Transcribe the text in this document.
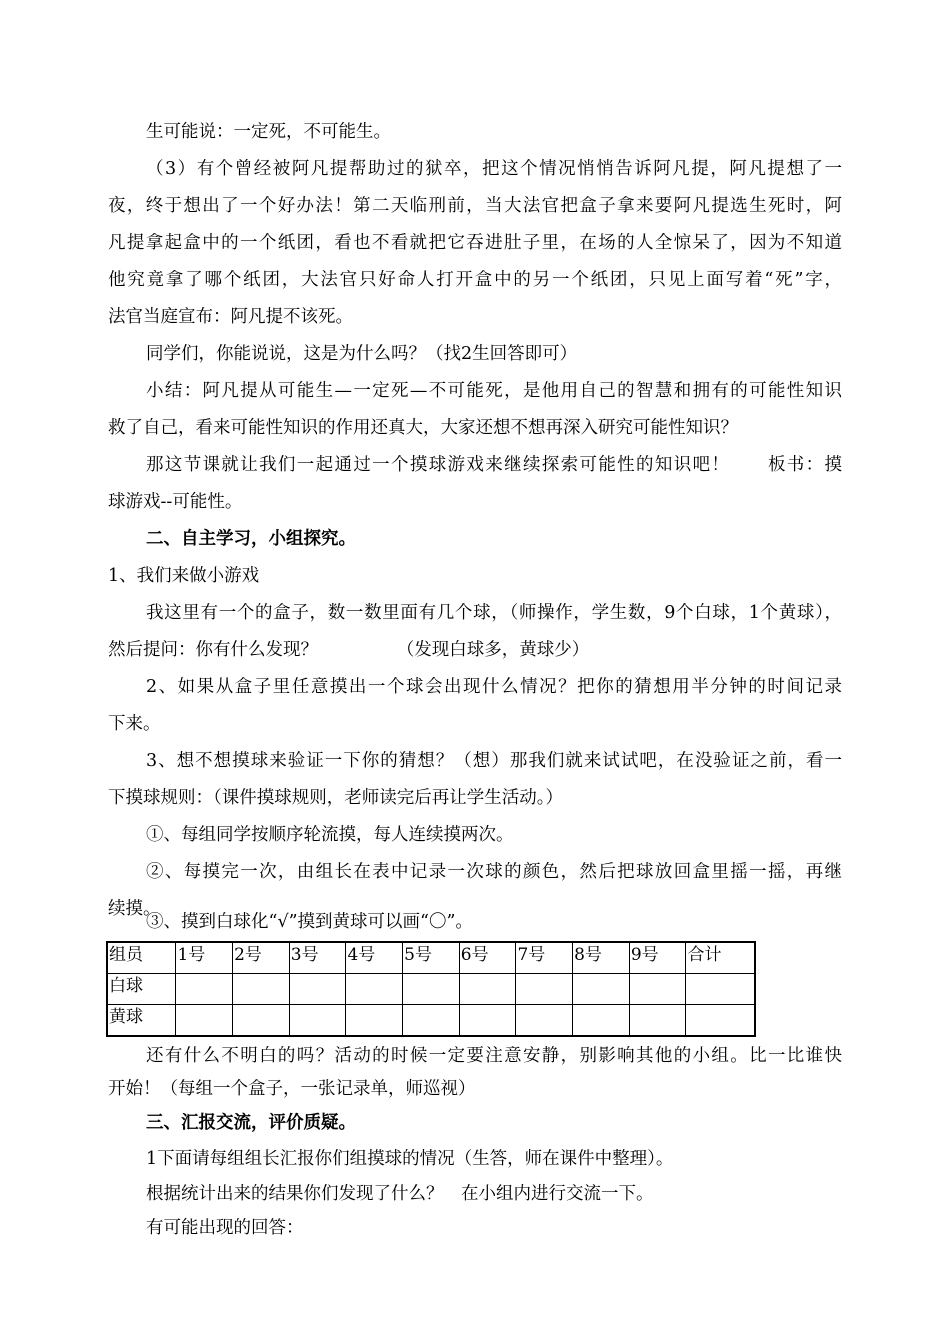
生可能说：一定死，不可能生。
（3）有个曾经被阿凡提帮助过的狱卒，把这个情况悄悄告诉阿凡提，阿凡提想了一
夜，终于想出了一个好办法！第二天临刑前，当大法官把盒子拿来要阿凡提选生死时，阿
凡提拿起盒中的一个纸团，看也不看就把它吞进肚子里，在场的人全惊呆了，因为不知道
他究竟拿了哪个纸团，大法官只好命人打开盒中的另一个纸团，只见上面写着“死”字，
法官当庭宣布：阿凡提不该死。
同学们，你能说说，这是为什么吗？（找2生回答即可）
小结：阿凡提从可能生—一定死—不可能死，是他用自己的智慧和拥有的可能性知识
救了自己，看来可能性知识的作用还真大，大家还想不想再深入研究可能性知识？
那这节课就让我们一起通过一个摸球游戏来继续探索可能性的知识吧！　　板书：摸
球游戏--可能性。
二、自主学习，小组探究。
1、我们来做小游戏
我这里有一个的盒子，数一数里面有几个球，（师操作，学生数，9个白球，1个黄球），
然后提问：你有什么发现？　　　　　（发现白球多，黄球少）
2、如果从盒子里任意摸出一个球会出现什么情况？把你的猜想用半分钟的时间记录
下来。
3、想不想摸球来验证一下你的猜想？（想）那我们就来试试吧，在没验证之前，看一
下摸球规则：（课件摸球规则，老师读完后再让学生活动。）
①、每组同学按顺序轮流摸，每人连续摸两次。
②、每摸完一次，由组长在表中记录一次球的颜色，然后把球放回盒里摇一摇，再继
续摸。
③、摸到白球化“√”摸到黄球可以画“〇”。
组员	1号	2号	3号	4号	5号	6号	7号	8号	9号	合计
白球										
黄球										
还有什么不明白的吗？活动的时候一定要注意安静，别影响其他的小组。比一比谁快
开始！（每组一个盒子，一张记录单，师巡视）
三、汇报交流，评价质疑。
1下面请每组组长汇报你们组摸球的情况（生答，师在课件中整理）。
根据统计出来的结果你们发现了什么？　在小组内进行交流一下。
有可能出现的回答：
